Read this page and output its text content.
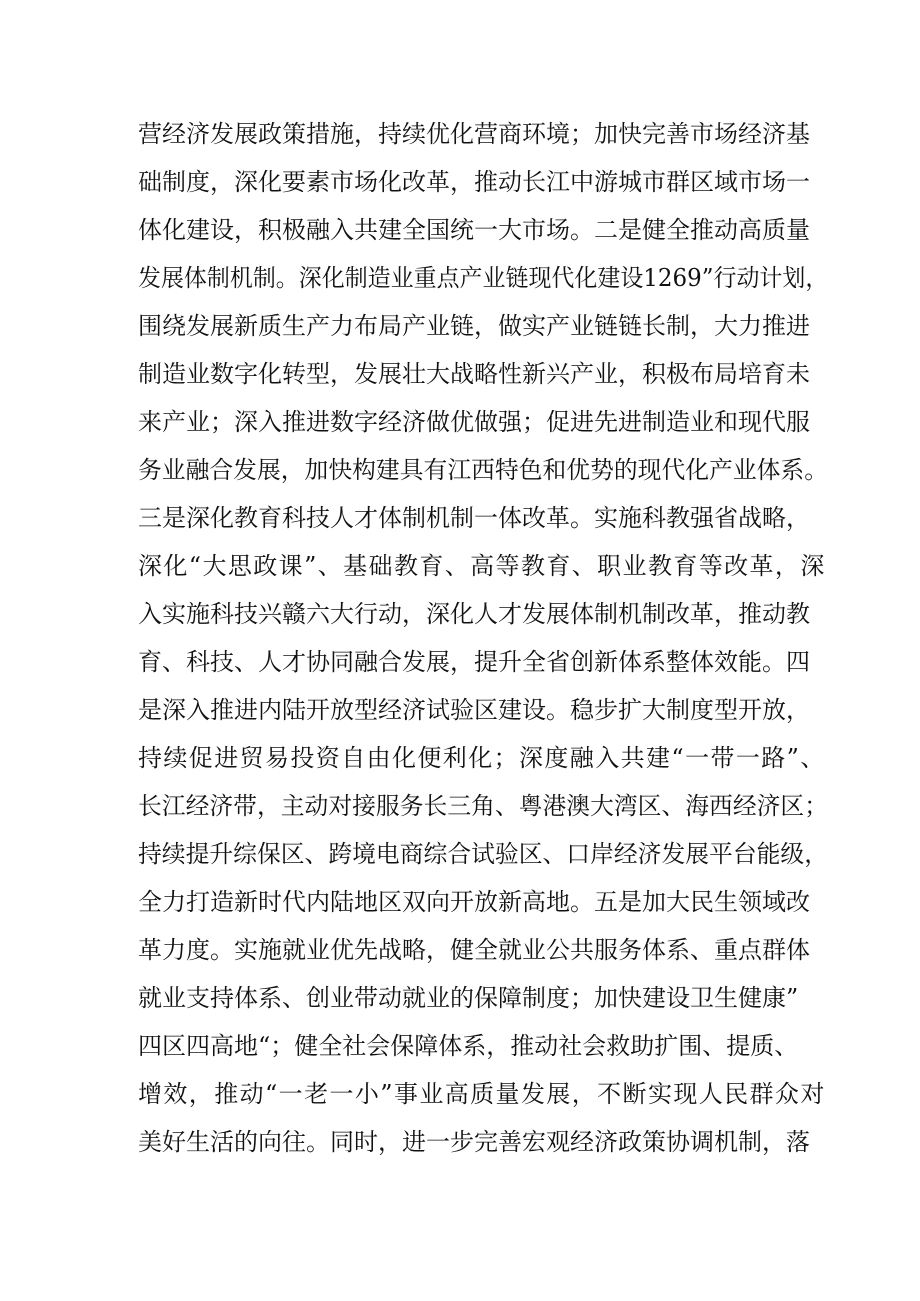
营经济发展政策措施，持续优化营商环境；加快完善市场经济基
础制度，深化要素市场化改革，推动长江中游城市群区域市场一
体化建设，积极融入共建全国统一大市场。二是健全推动高质量
发展体制机制。深化制造业重点产业链现代化建设1269”行动计划，
围绕发展新质生产力布局产业链，做实产业链链长制，大力推进
制造业数字化转型，发展壮大战略性新兴产业，积极布局培育未
来产业；深入推进数字经济做优做强；促进先进制造业和现代服
务业融合发展，加快构建具有江西特色和优势的现代化产业体系。
三是深化教育科技人才体制机制一体改革。实施科教强省战略，
深化“大思政课”、基础教育、高等教育、职业教育等改革，深
入实施科技兴赣六大行动，深化人才发展体制机制改革，推动教
育、科技、人才协同融合发展，提升全省创新体系整体效能。四
是深入推进内陆开放型经济试验区建设。稳步扩大制度型开放，
持续促进贸易投资自由化便利化；深度融入共建“一带一路”、
长江经济带，主动对接服务长三角、粤港澳大湾区、海西经济区；
持续提升综保区、跨境电商综合试验区、口岸经济发展平台能级，
全力打造新时代内陆地区双向开放新高地。五是加大民生领域改
革力度。实施就业优先战略，健全就业公共服务体系、重点群体
就业支持体系、创业带动就业的保障制度；加快建设卫生健康”
四区四高地“；健全社会保障体系，推动社会救助扩围、提质、
增效，推动“一老一小”事业高质量发展，不断实现人民群众对
美好生活的向往。同时，进一步完善宏观经济政策协调机制，落
